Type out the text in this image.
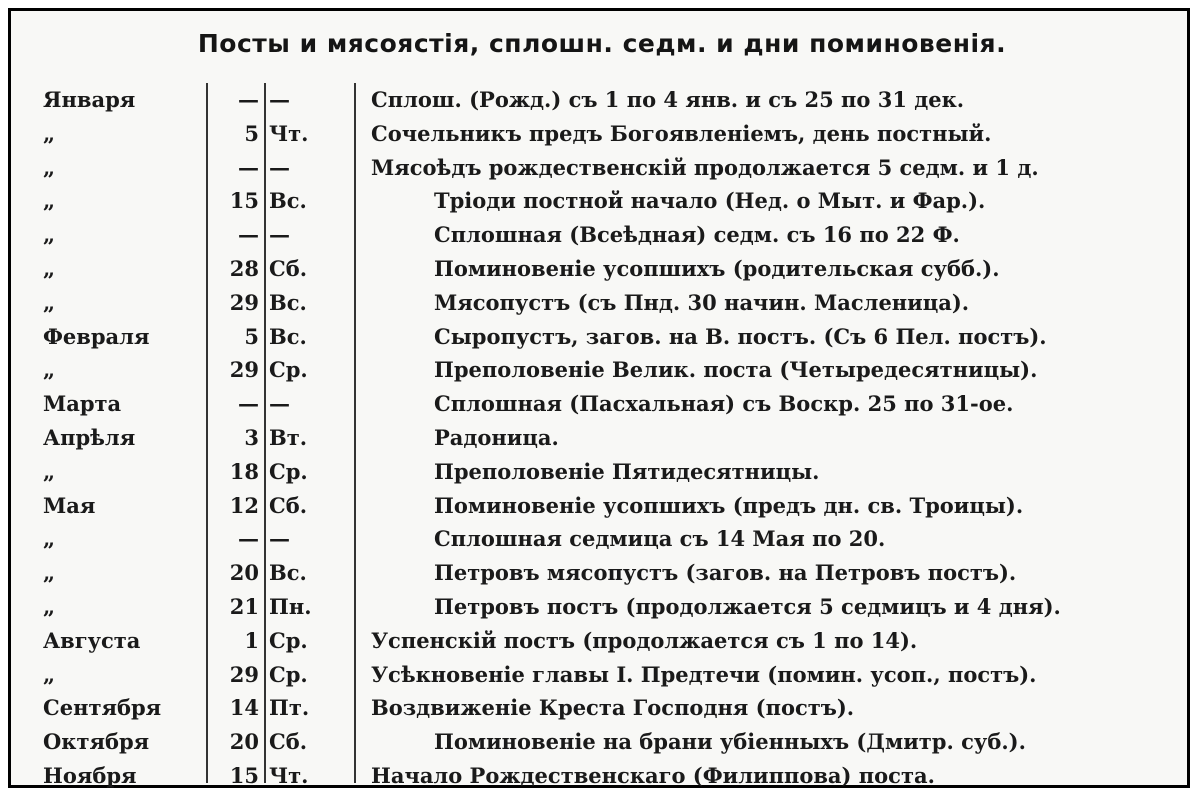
Посты и мясоястія, сплошн. седм. и дни поминовенія.
Января	— —	Сплош. (Рожд.) съ 1 по 4 янв. и съ 25 по 31 дек.
„	5 Чт.	Сочельникъ предъ Богоявленіемъ, день постный.
„	— —	Мясоѣдъ рождественскій продолжается 5 седм. и 1 д.
„	15 Вс.	Тріоди постной начало (Нед. о Мыт. и Фар.).
„	— —	Сплошная (Всеѣдная) седм. съ 16 по 22 Ф.
„	28 Сб.	Поминовеніе усопшихъ (родительская субб.).
„	29 Вс.	Мясопустъ (съ Пнд. 30 начин. Масленица).
Февраля	5 Вс.	Сыропустъ, загов. на В. постъ. (Съ 6 Пел. постъ).
„	29 Ср.	Преполовеніе Велик. поста (Четыредесятницы).
Марта	— —	Сплошная (Пасхальная) съ Воскр. 25 по 31-ое.
Апрѣля	3 Вт.	Радоница.
„	18 Ср.	Преполовеніе Пятидесятницы.
Мая	12 Сб.	Поминовеніе усопшихъ (предъ дн. св. Троицы).
„	— —	Сплошная седмица съ 14 Мая по 20.
„	20 Вс.	Петровъ мясопустъ (загов. на Петровъ постъ).
„	21 Пн.	Петровъ постъ (продолжается 5 седмицъ и 4 дня).
Августа	1 Ср.	Успенскій постъ (продолжается съ 1 по 14).
„	29 Ср.	Усѣкновеніе главы І. Предтечи (помин. усоп., постъ).
Сентября	14 Пт.	Воздвиженіе Креста Господня (постъ).
Октября	20 Сб.	Поминовеніе на брани убіенныхъ (Дмитр. суб.).
Ноября	15 Чт.	Начало Рождественскаго (Филиппова) поста.
